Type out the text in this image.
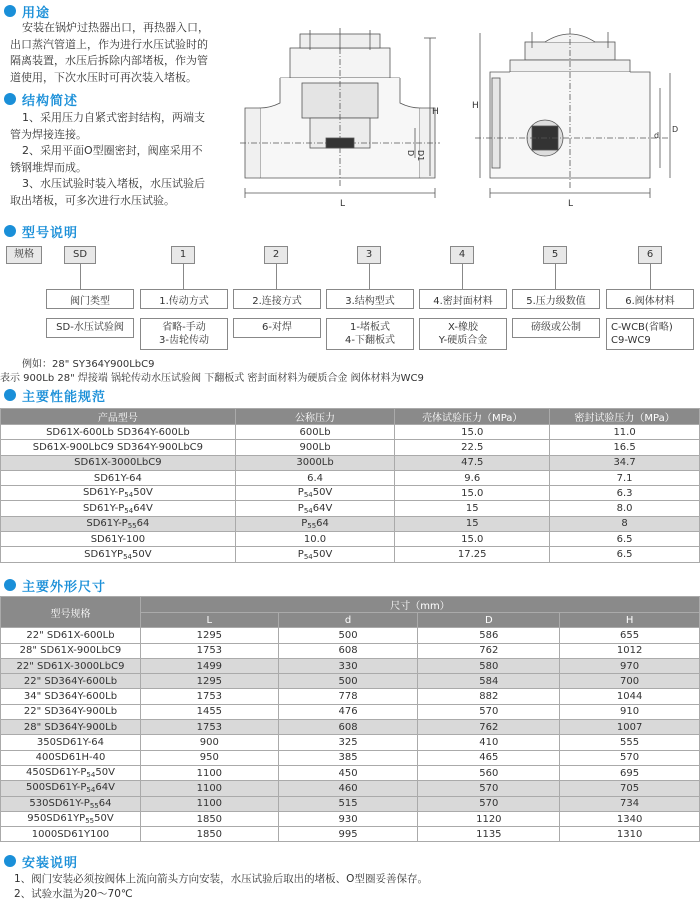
用途
安装在锅炉过热器出口，再热器入口，
出口蒸汽管道上，作为进行水压试验时的
隔离装置，水压后拆除内部堵板，作为管
道使用，下次水压时可再次装入堵板。
结构简述
1、采用压力自紧式密封结构，两端支
管为焊接连接。
2、采用平面O型圈密封，阀座采用不
锈钢堆焊而成。
3、水压试验时装入堵板，水压试验后
取出堵板，可多次进行水压试验。
H
D D1
L
H
d
D
L
型号说明
规格	SD	1	2	3	4	5	6
阀门类型	1.传动方式	2.连接方式	3.结构型式	4.密封面材料	5.压力级数值	6.阀体材料
SD-水压试验阀	省略-手动
3-齿轮传动
6-对焊	1-堵板式
4-下翻板式
X-橡胶
Y-硬质合金
磅级或公制	C-WCB(省略)
C9-WC9
例如：28" SY364Y900LbC9
表示 900Lb 28" 焊接端 锅轮传动水压试验阀 下翻板式 密封面材料为硬质合金 阀体材料为WC9
主要性能规范
产品型号	公称压力	壳体试验压力（MPa）	密封试验压力（MPa）
SD61X-600Lb SD364Y-600Lb	600Lb	15.0	11.0
SD61X-900LbC9 SD364Y-900LbC9	900Lb	22.5	16.5
SD61X-3000LbC9	3000Lb	47.5	34.7
SD61Y-64	6.4	9.6	7.1
$SD61Y-P_{54}50V$	$P_{54}50V$	15.0	6.3
$SD61Y-P_{54}64V$	$P_{54}64V$	15	8.0
$SD61Y-P_{55}64$	$P_{55}64$	15	8
SD61Y-100	10.0	15.0	6.5
$SD61YP_{54}50V$	$P_{54}50V$	17.25	6.5
主要外形尺寸
型号规格	尺寸（mm）			
	L	d	D	H
22" SD61X-600Lb	1295	500	586	655
28" SD61X-900LbC9	1753	608	762	1012
22" SD61X-3000LbC9	1499	330	580	970
22" SD364Y-600Lb	1295	500	584	700
34" SD364Y-600Lb	1753	778	882	1044
22" SD364Y-900Lb	1455	476	570	910
28" SD364Y-900Lb	1753	608	762	1007
350SD61Y-64	900	325	410	555
400SD61H-40	950	385	465	570
$450SD61Y-P_{54}50V$	1100	450	560	695
$500SD61Y-P_{54}64V$	1100	460	570	705
$530SD61Y-P_{55}64$	1100	515	570	734
$950SD61YP_{55}50V$	1850	930	1120	1340
1000SD61Y100	1850	995	1135	1310
安装说明
1、阀门安装必须按阀体上流向箭头方向安装，水压试验后取出的堵板、O型圈妥善保存。
2、试验水温为20～70℃
